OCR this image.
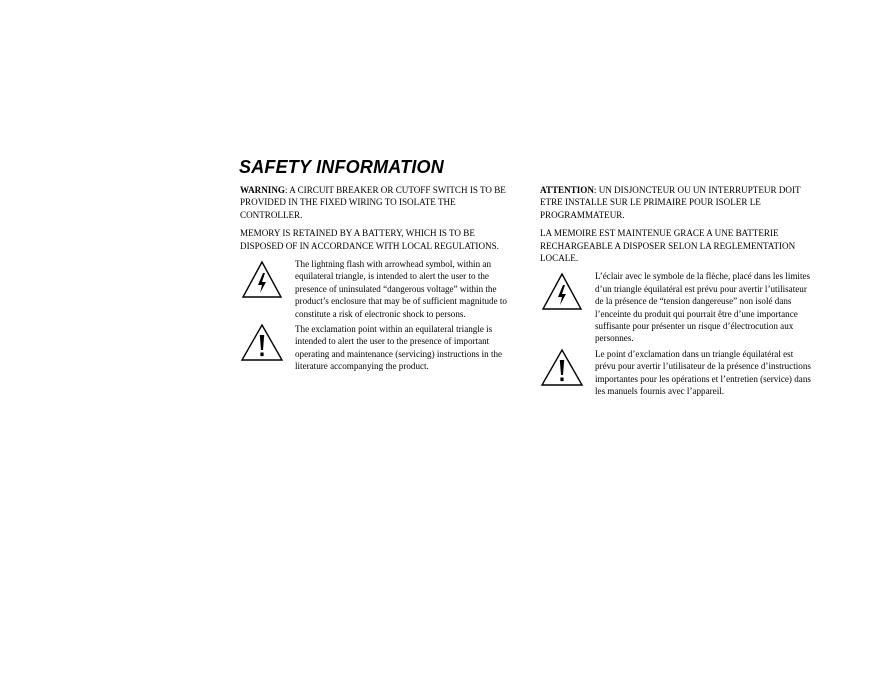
SAFETY INFORMATION

WARNING: A CIRCUIT BREAKER OR CUTOFF SWITCH IS TO BE PROVIDED IN THE FIXED WIRING TO ISOLATE THE CONTROLLER.

MEMORY IS RETAINED BY A BATTERY, WHICH IS TO BE DISPOSED OF IN ACCORDANCE WITH LOCAL REGULATIONS.

The lightning flash with arrowhead symbol, within an equilateral triangle, is intended to alert the user to the presence of uninsulated “dangerous voltage” within the product’s enclosure that may be of sufficient magnitude to constitute a risk of electronic shock to persons.

The exclamation point within an equilateral triangle is intended to alert the user to the presence of important operating and maintenance (servicing) instructions in the literature accompanying the product.

ATTENTION: UN DISJONCTEUR OU UN INTERRUPTEUR DOIT ETRE INSTALLE SUR LE PRIMAIRE POUR ISOLER LE PROGRAMMATEUR.

LA MEMOIRE EST MAINTENUE GRACE A UNE BATTERIE RECHARGEABLE A DISPOSER SELON LA REGLEMENTATION LOCALE.

L’éclair avec le symbole de la flèche, placé dans les limites d’un triangle équilatéral est prévu pour avertir l’utilisateur de la présence de “tension dangereuse” non isolé dans l’enceinte du produit qui pourrait être d’une importance suffisante pour présenter un risque d’électrocution aux personnes.

Le point d’exclamation dans un triangle équilatéral est prévu pour avertir l’utilisateur de la présence d’instructions importantes pour les opérations et l’entretien (service) dans les manuels fournis avec l’appareil.
